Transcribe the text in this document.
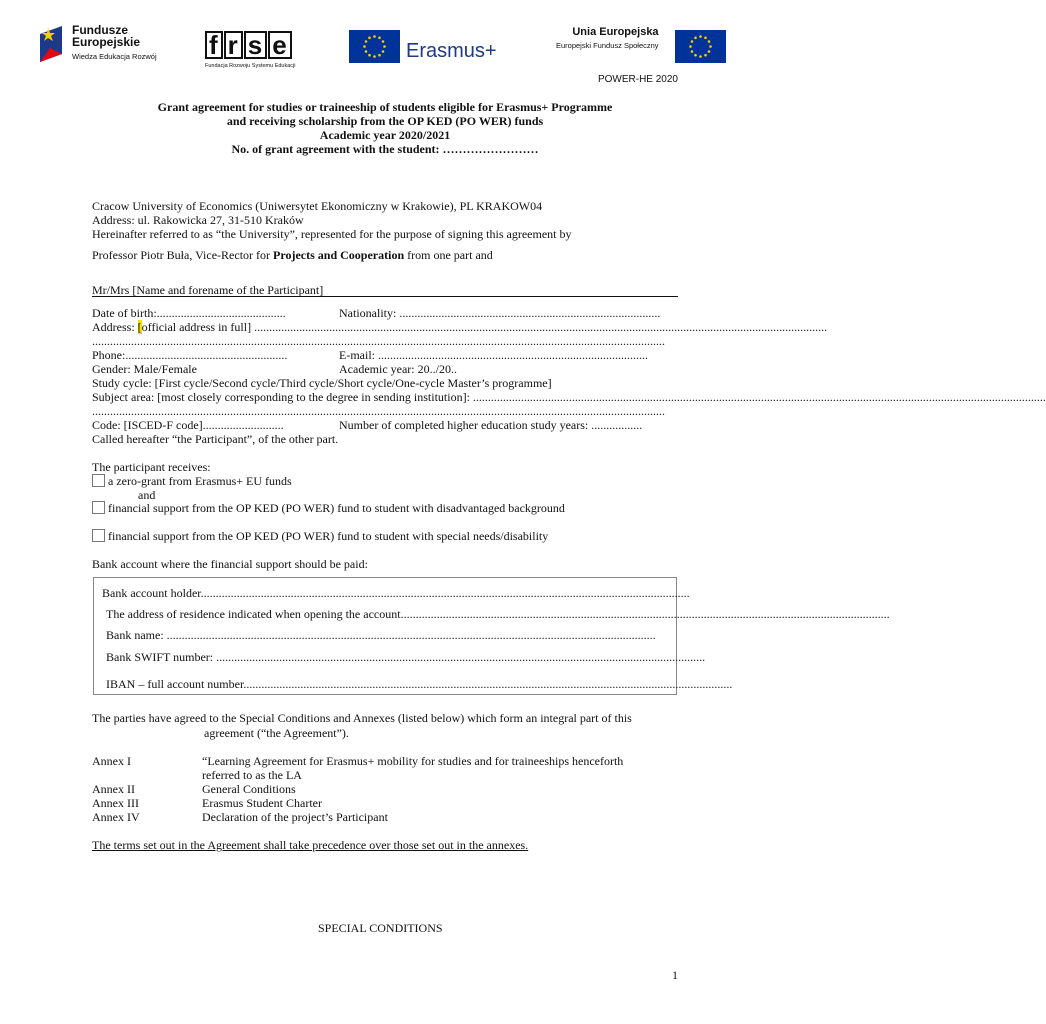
Fundusze
Europejskie
Wiedza Edukacja Rozwój f r s e
Fundacja Rozwoju Systemu Edukacji
Erasmus+
Unia Europejska
Europejski Fundusz Społeczny
POWER-HE 2020
Grant agreement for studies or traineeship of students eligible for Erasmus+ Programme
and receiving scholarship from the OP KED (PO WER) funds
Academic year 2020/2021
No. of grant agreement with the student: ……………………
Cracow University of Economics (Uniwersytet Ekonomiczny w Krakowie), PL KRAKOW04
Address: ul. Rakowicka 27, 31-510 Kraków
Hereinafter referred to as “the University”, represented for the purpose of signing this agreement by
Professor Piotr Buła, Vice-Rector for Projects and Cooperation from one part and
Mr/Mrs [Name and forename of the Participant]
Date of birth:...........................................	Nationality: .......................................................................................
Address: [official address in full] ...............................................................................................................................................................................................
...............................................................................................................................................................................................
Phone:......................................................	E-mail: ..........................................................................................
Gender: Male/Female	Academic year: 20../20..
Study cycle: [First cycle/Second cycle/Third cycle/Short cycle/One-cycle Master’s programme]
Subject area: [most closely corresponding to the degree in sending institution]: ...............................................................................................................................................................................................
...............................................................................................................................................................................................
Code: [ISCED-F code]...........................	Number of completed higher education study years: .................
Called hereafter “the Participant”, of the other part.
The participant receives:
a zero-grant from Erasmus+ EU funds
and
financial support from the OP KED (PO WER) fund to student with disadvantaged background
financial support from the OP KED (PO WER) fund to student with special needs/disability
Bank account where the financial support should be paid:
Bank account holder...................................................................................................................................................................
The address of residence indicated when opening the account...................................................................................................................................................................
Bank name: ...................................................................................................................................................................
Bank SWIFT number: ...................................................................................................................................................................
IBAN – full account number...................................................................................................................................................................
The parties have agreed to the Special Conditions and Annexes (listed below) which form an integral part of this
agreement (“the Agreement”).
Annex I	“Learning Agreement for Erasmus+ mobility for studies and for traineeships henceforth
referred to as the LA
Annex II	General Conditions
Annex III	Erasmus Student Charter
Annex IV	Declaration of the project’s Participant
The terms set out in the Agreement shall take precedence over those set out in the annexes.
SPECIAL CONDITIONS
1
